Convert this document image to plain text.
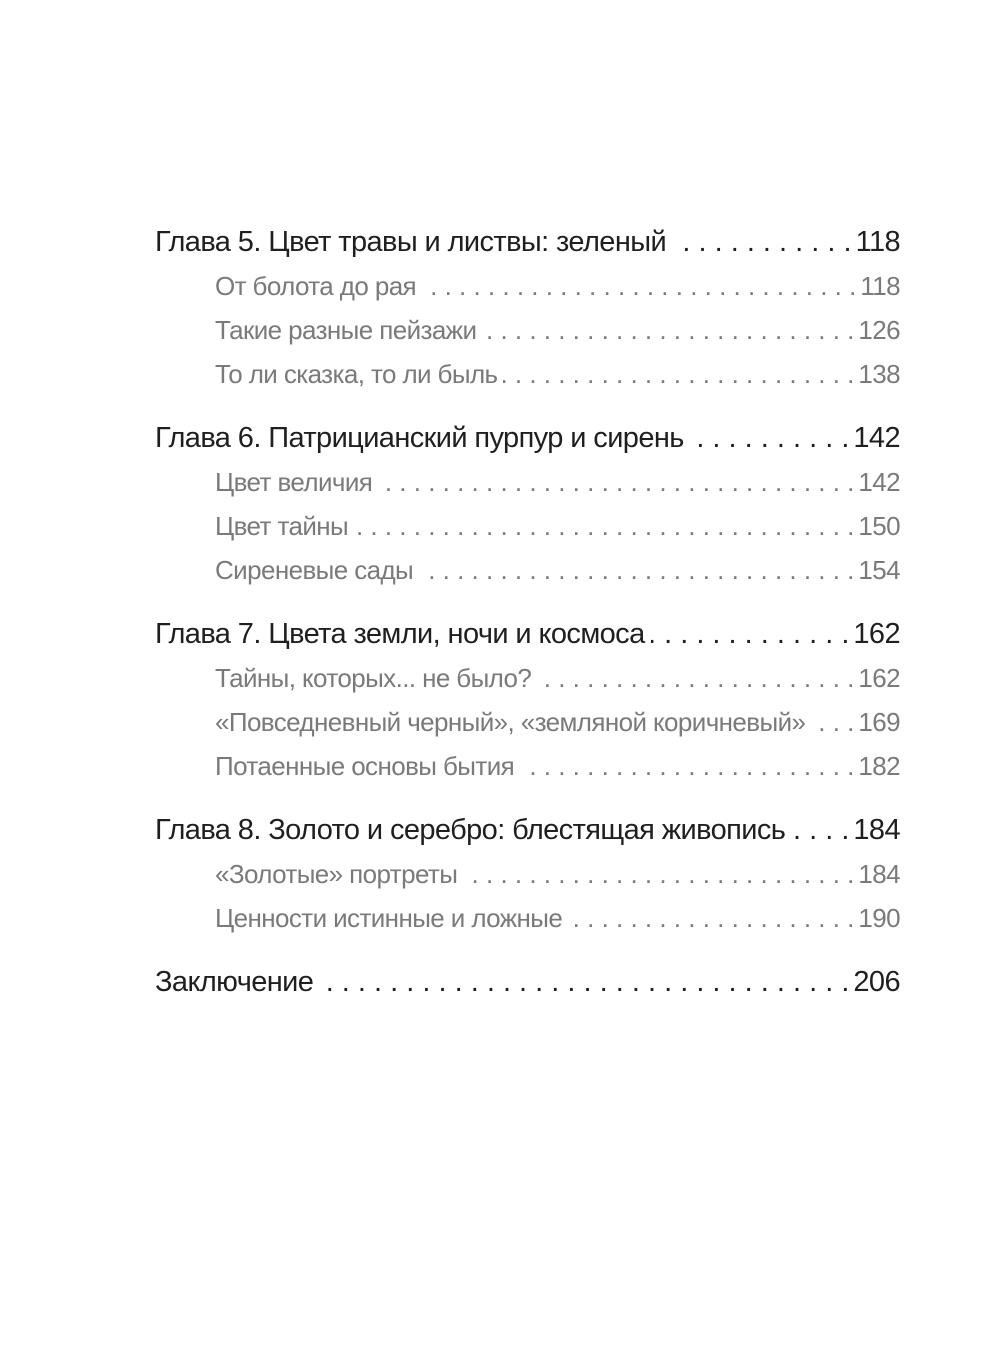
Глава 5. Цвет травы и листвы: зеленый . . .	118
От болота до рая . . .	118
Такие разные пейзажи . . .	126
То ли сказка, то ли быль . . .	138
Глава 6. Патрицианский пурпур и сирень . . .	142
Цвет величия . . .	142
Цвет тайны . . .	150
Сиреневые сады . . .	154
Глава 7. Цвета земли, ночи и космоса . . .	162
Тайны, которых... не было? . . .	162
«Повседневный черный», «земляной коричневый» . . . 169
Потаенные основы бытия . . .	182
Глава 8. Золото и серебро: блестящая живопись . . . 184
«Золотые» портреты . . .	184
Ценности истинные и ложные . . .	190
Заключение . . .	206
